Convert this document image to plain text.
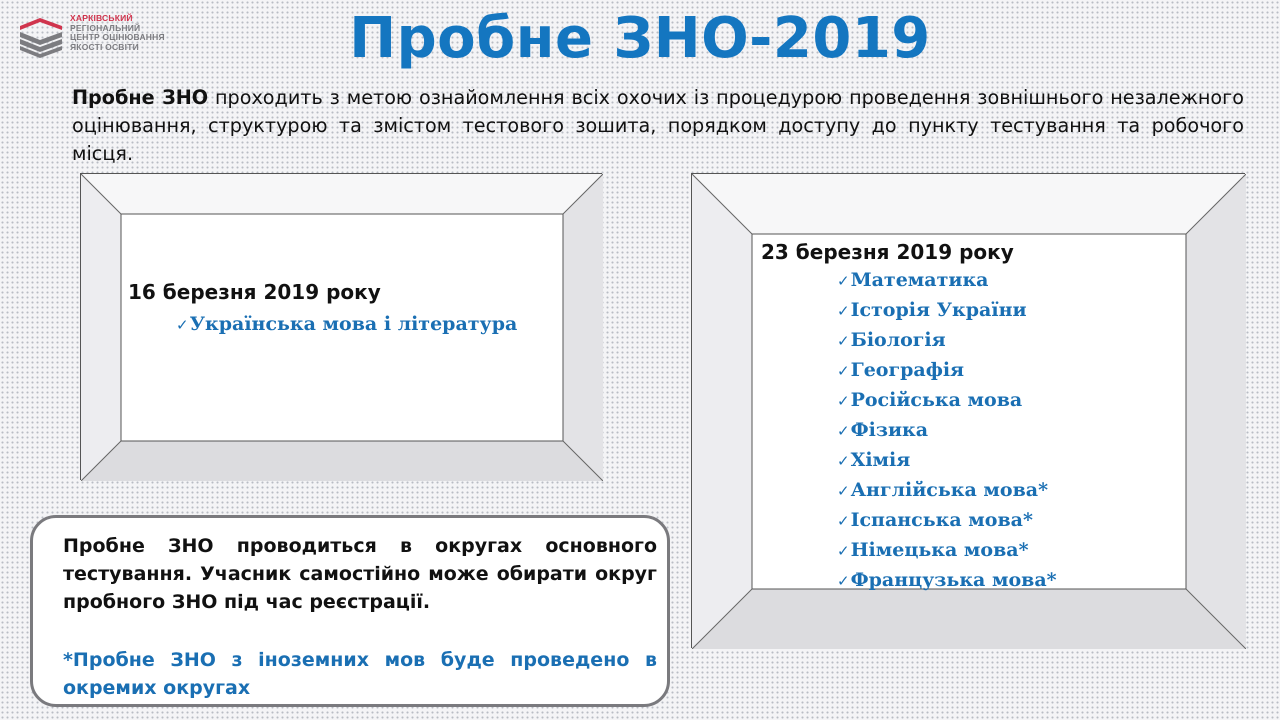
ХАРКІВСЬКИЙ
РЕГІОНАЛЬНИЙ
ЦЕНТР ОЦІНЮВАННЯ
ЯКОСТІ ОСВІТИ	Пробне ЗНО-2019
Пробне ЗНО проходить з метою ознайомлення всіх охочих із процедурою проведення зовнішнього незалежного оцінювання, структурою та змістом тестового зошита, порядком доступу до пункту тестування та робочого місця.
16 березня 2019 року
✓Українська мова і література
23 березня 2019 року
✓Математика
✓Історія України
✓Біологія
✓Географія
✓Російська мова
✓Фізика
✓Хімія
✓Англійська мова*
✓Іспанська мова*
✓Німецька мова*
✓Французька мова*
Пробне ЗНО проводиться в округах основного тестування. Учасник самостійно може обирати округ пробного ЗНО під час реєстрації.
*Пробне ЗНО з іноземних мов буде проведено в окремих округах
